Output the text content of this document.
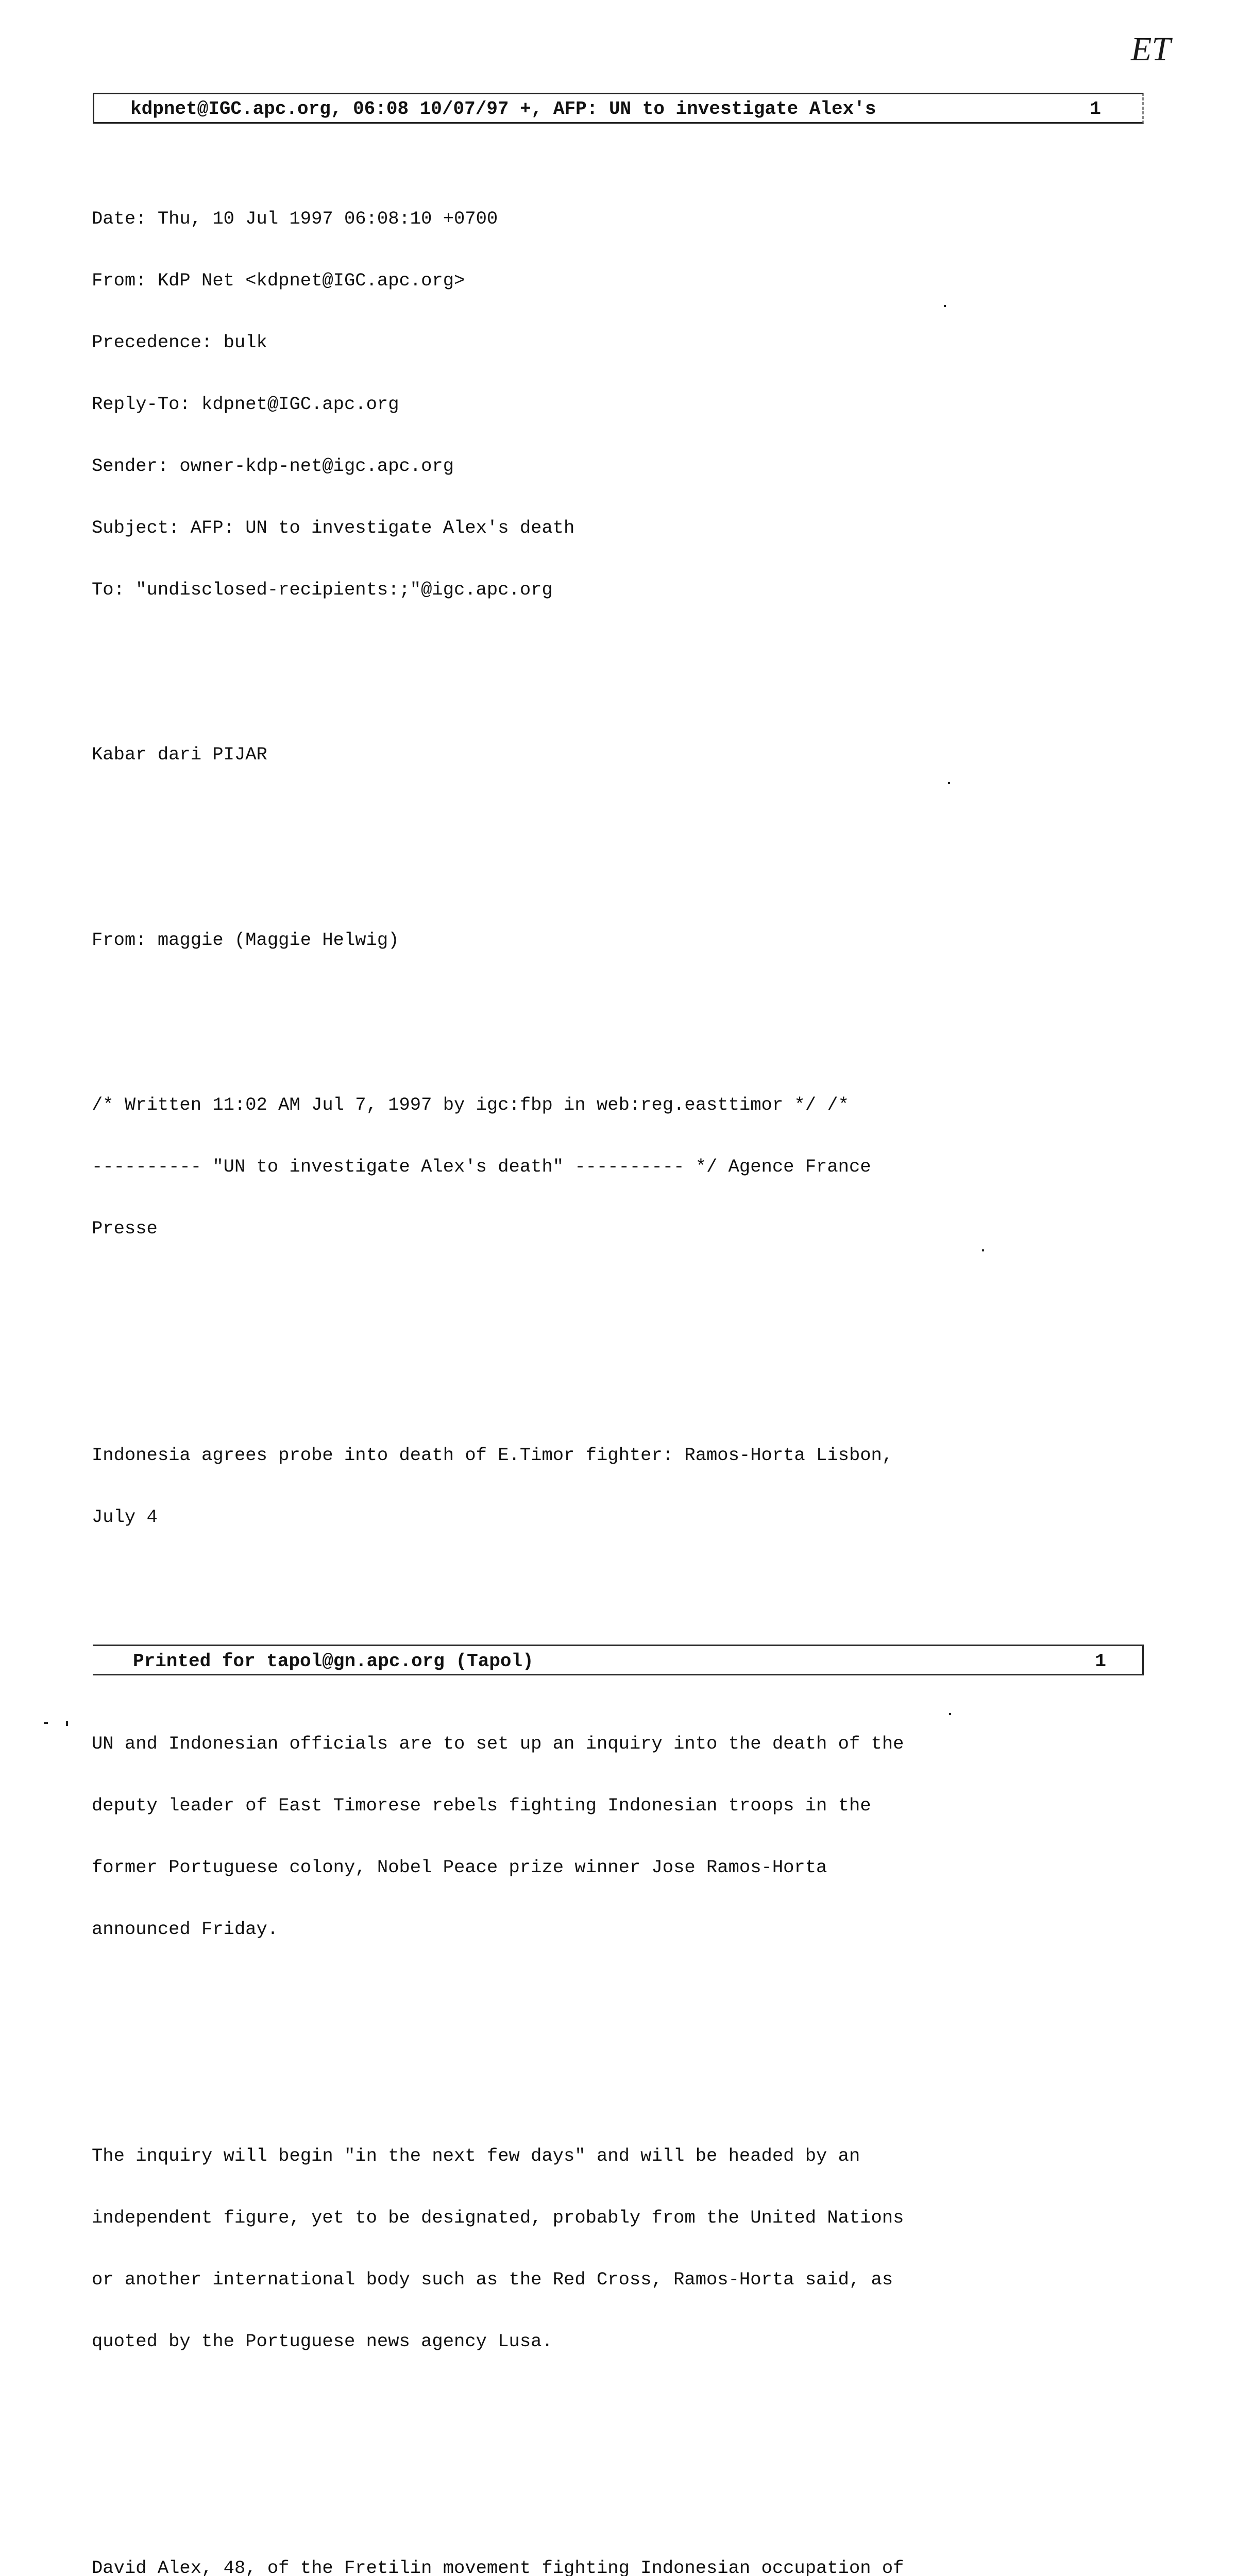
ET
kdpnet@IGC.apc.org, 06:08 10/07/97 +, AFP: UN to investigate Alex's	1

Date: Thu, 10 Jul 1997 06:08:10 +0700

From: KdP Net <kdpnet@IGC.apc.org>

Precedence: bulk

Reply-To: kdpnet@IGC.apc.org

Sender: owner-kdp-net@igc.apc.org

Subject: AFP: UN to investigate Alex's death

To: "undisclosed-recipients:;"@igc.apc.org

Kabar dari PIJAR

From: maggie (Maggie Helwig)

/* Written 11:02 AM Jul 7, 1997 by igc:fbp in web:reg.easttimor */ /*

---------- "UN to investigate Alex's death" ---------- */ Agence France

Presse

Indonesia agrees probe into death of E.Timor fighter: Ramos-Horta Lisbon,

July 4

UN and Indonesian officials are to set up an inquiry into the death of the

deputy leader of East Timorese rebels fighting Indonesian troops in the

former Portuguese colony, Nobel Peace prize winner Jose Ramos-Horta

announced Friday.

The inquiry will begin "in the next few days" and will be headed by an

independent figure, yet to be designated, probably from the United Nations

or another international body such as the Red Cross, Ramos-Horta said, as

quoted by the Portuguese news agency Lusa.

David Alex, 48, of the Fretilin movement fighting Indonesian occupation of

Printed for tapol@gn.apc.org (Tapol)	1
